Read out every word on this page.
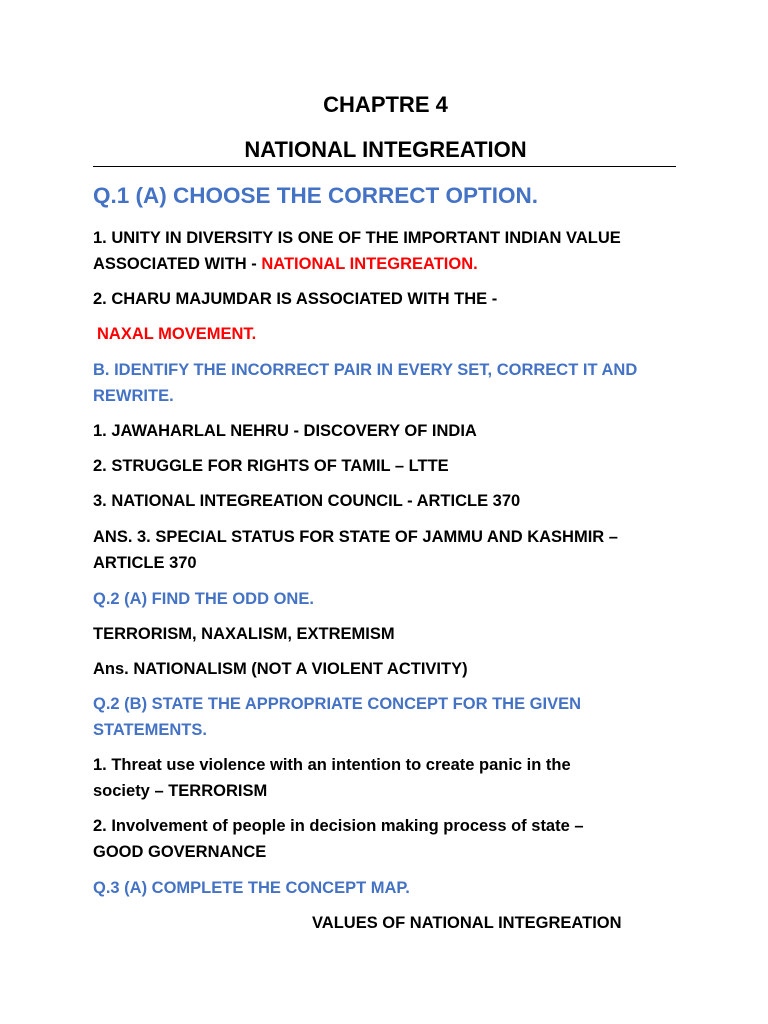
CHAPTRE 4
NATIONAL INTEGREATION
Q.1 (A) CHOOSE THE CORRECT OPTION.
1. UNITY IN DIVERSITY IS ONE OF THE IMPORTANT INDIAN VALUE
ASSOCIATED WITH - NATIONAL INTEGREATION.
2. CHARU MAJUMDAR IS ASSOCIATED WITH THE -
NAXAL MOVEMENT.
B. IDENTIFY THE INCORRECT PAIR IN EVERY SET, CORRECT IT AND
REWRITE.
1. JAWAHARLAL NEHRU - DISCOVERY OF INDIA
2. STRUGGLE FOR RIGHTS OF TAMIL – LTTE
3. NATIONAL INTEGREATION COUNCIL - ARTICLE 370
ANS. 3. SPECIAL STATUS FOR STATE OF JAMMU AND KASHMIR –
ARTICLE 370
Q.2 (A) FIND THE ODD ONE.
TERRORISM, NAXALISM, EXTREMISM
Ans. NATIONALISM (NOT A VIOLENT ACTIVITY)
Q.2 (B) STATE THE APPROPRIATE CONCEPT FOR THE GIVEN
STATEMENTS.
1. Threat use violence with an intention to create panic in the
society – TERRORISM
2. Involvement of people in decision making process of state –
GOOD GOVERNANCE
Q.3 (A) COMPLETE THE CONCEPT MAP.
VALUES OF NATIONAL INTEGREATION
